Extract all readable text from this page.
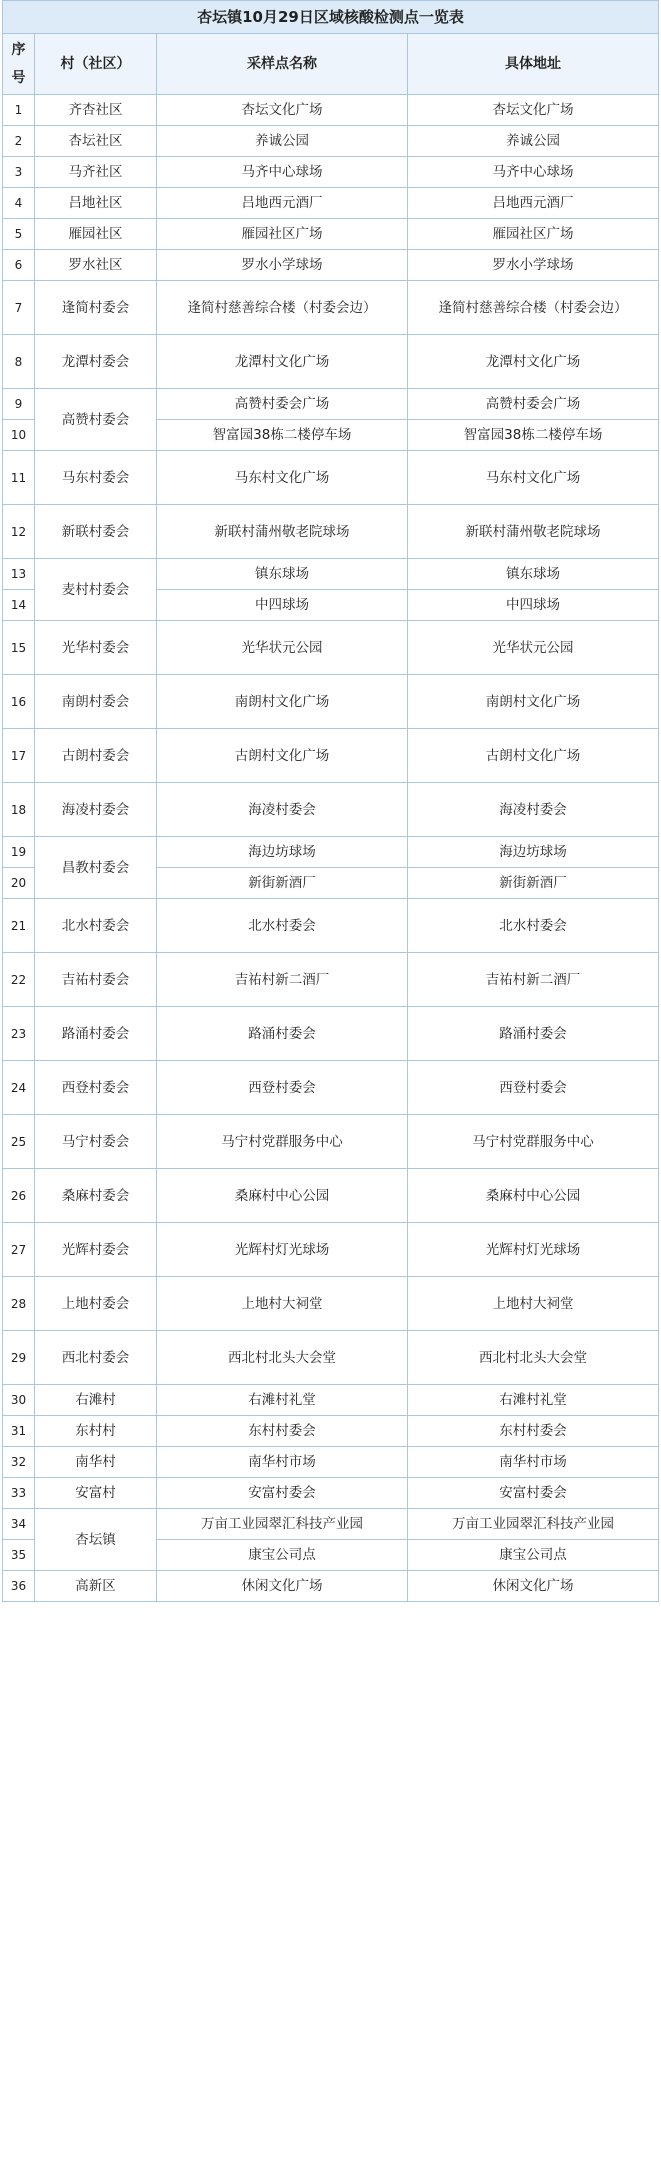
杏坛镇10月29日区域核酸检测点一览表			
序号	村（社区）	采样点名称	具体地址
1	齐杏社区	杏坛文化广场	杏坛文化广场
2	杏坛社区	养诚公园	养诚公园
3	马齐社区	马齐中心球场	马齐中心球场
4	吕地社区	吕地西元酒厂	吕地西元酒厂
5	雁园社区	雁园社区广场	雁园社区广场
6	罗水社区	罗水小学球场	罗水小学球场
7	逢简村委会	逢简村慈善综合楼（村委会边）	逢简村慈善综合楼（村委会边）
8	龙潭村委会	龙潭村文化广场	龙潭村文化广场
9	高赞村委会	高赞村委会广场	高赞村委会广场
10		智富园38栋二楼停车场	智富园38栋二楼停车场
11	马东村委会	马东村文化广场	马东村文化广场
12	新联村委会	新联村蒲州敬老院球场	新联村蒲州敬老院球场
13	麦村村委会	镇东球场	镇东球场
14		中四球场	中四球场
15	光华村委会	光华状元公园	光华状元公园
16	南朗村委会	南朗村文化广场	南朗村文化广场
17	古朗村委会	古朗村文化广场	古朗村文化广场
18	海凌村委会	海凌村委会	海凌村委会
19	昌教村委会	海边坊球场	海边坊球场
20		新街新酒厂	新街新酒厂
21	北水村委会	北水村委会	北水村委会
22	吉祐村委会	吉祐村新二酒厂	吉祐村新二酒厂
23	路涌村委会	路涌村委会	路涌村委会
24	西登村委会	西登村委会	西登村委会
25	马宁村委会	马宁村党群服务中心	马宁村党群服务中心
26	桑麻村委会	桑麻村中心公园	桑麻村中心公园
27	光辉村委会	光辉村灯光球场	光辉村灯光球场
28	上地村委会	上地村大祠堂	上地村大祠堂
29	西北村委会	西北村北头大会堂	西北村北头大会堂
30	右滩村	右滩村礼堂	右滩村礼堂
31	东村村	东村村委会	东村村委会
32	南华村	南华村市场	南华村市场
33	安富村	安富村委会	安富村委会
34	杏坛镇	万亩工业园翠汇科技产业园	万亩工业园翠汇科技产业园
35		康宝公司点	康宝公司点
36	高新区	休闲文化广场	休闲文化广场
